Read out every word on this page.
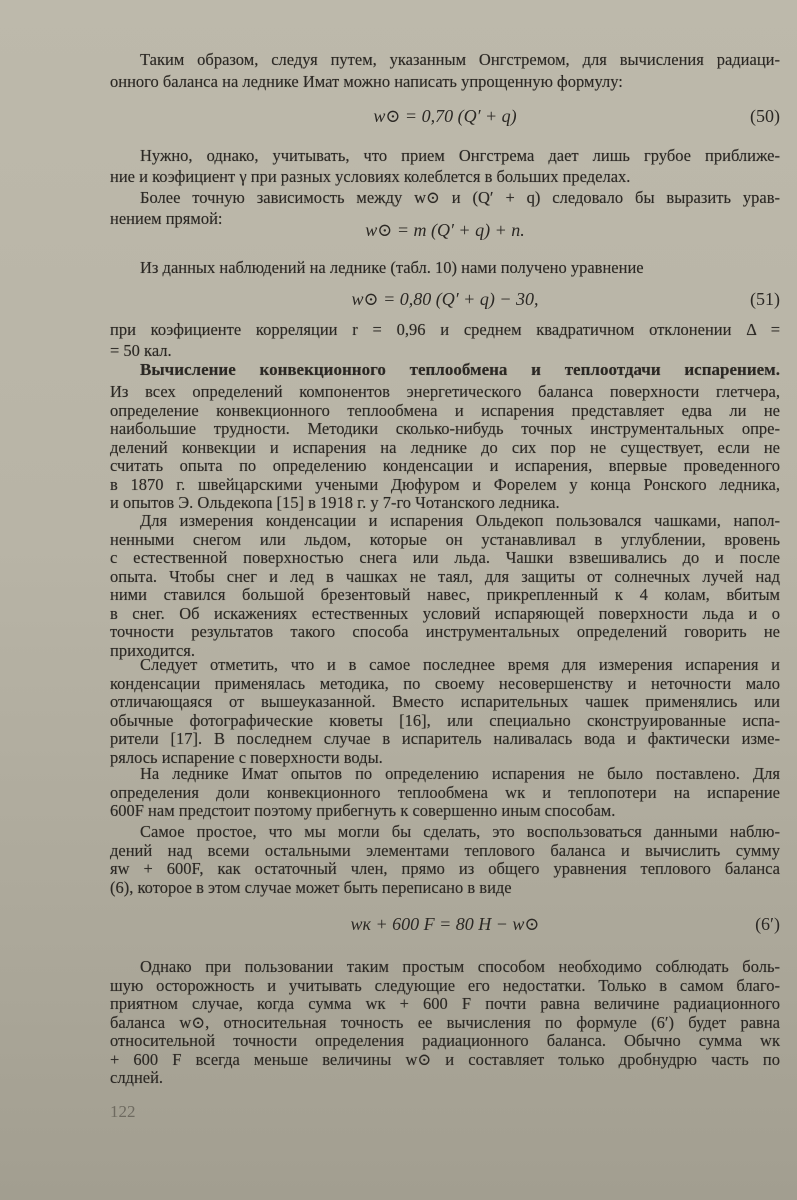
Таким образом, следуя путем, указанным Онгстремом, для вычисления радиаци-
онного баланса на леднике Имат можно написать упрощенную формулу:
w⊙ = 0,70 (Q′ + q)	(50)
Нужно, однако, учитывать, что прием Онгстрема дает лишь грубое приближе-
ние и коэфициент γ при разных условиях колеблется в больших пределах.
Более точную зависимость между w⊙ и (Q′ + q) следовало бы выразить урав-
нением прямой:
w⊙ = m (Q′ + q) + n.
Из данных наблюдений на леднике (табл. 10) нами получено уравнение
w⊙ = 0,80 (Q′ + q) − 30,	(51)
при коэфициенте корреляции r = 0,96 и среднем квадратичном отклонении Δ =
= 50 кал.
Вычисление конвекционного теплообмена и теплоотдачи испарением.
Из всех определений компонентов энергетического баланса поверхности глетчера,
определение конвекционного теплообмена и испарения представляет едва ли не
наибольшие трудности. Методики сколько-нибудь точных инструментальных опре-
делений конвекции и испарения на леднике до сих пор не существует, если не
считать опыта по определению конденсации и испарения, впервые проведенного
в 1870 г. швейцарскими учеными Дюфуром и Форелем у конца Ронского ледника,
и опытов Э. Ольдекопа [15] в 1918 г. у 7-го Чотанского ледника.
Для измерения конденсации и испарения Ольдекоп пользовался чашками, напол-
ненными снегом или льдом, которые он устанавливал в углублении, вровень
с естественной поверхностью снега или льда. Чашки взвешивались до и после
опыта. Чтобы снег и лед в чашках не таял, для защиты от солнечных лучей над
ними ставился большой брезентовый навес, прикрепленный к 4 колам, вбитым
в снег. Об искажениях естественных условий испаряющей поверхности льда и о
точности результатов такого способа инструментальных определений говорить не
приходится.
Следует отметить, что и в самое последнее время для измерения испарения и
конденсации применялась методика, по своему несовершенству и неточности мало
отличающаяся от вышеуказанной. Вместо испарительных чашек применялись или
обычные фотографические кюветы [16], или специально сконструированные испа-
рители [17]. В последнем случае в испаритель наливалась вода и фактически изме-
рялось испарение с поверхности воды.
На леднике Имат опытов по определению испарения не было поставлено. Для
определения доли конвекционного теплообмена wк и теплопотери на испарение
600F нам предстоит поэтому прибегнуть к совершенно иным способам.
Самое простое, что мы могли бы сделать, это воспользоваться данными наблю-
дений над всеми остальными элементами теплового баланса и вычислить сумму
яw + 600F, как остаточный член, прямо из общего уравнения теплового баланса
(6), которое в этом случае может быть переписано в виде
wк + 600 F = 80 H − w⊙	(6′)
Однако при пользовании таким простым способом необходимо соблюдать боль-
шую осторожность и учитывать следующие его недостатки. Только в самом благо-
приятном случае, когда сумма wк + 600 F почти равна величине радиационного
баланса w⊙, относительная точность ее вычисления по формуле (6′) будет равна
относительной точности определения радиационного баланса. Обычно сумма wк
+ 600 F всегда меньше величины w⊙ и составляет только дробнудрю часть по
слдней.
122
